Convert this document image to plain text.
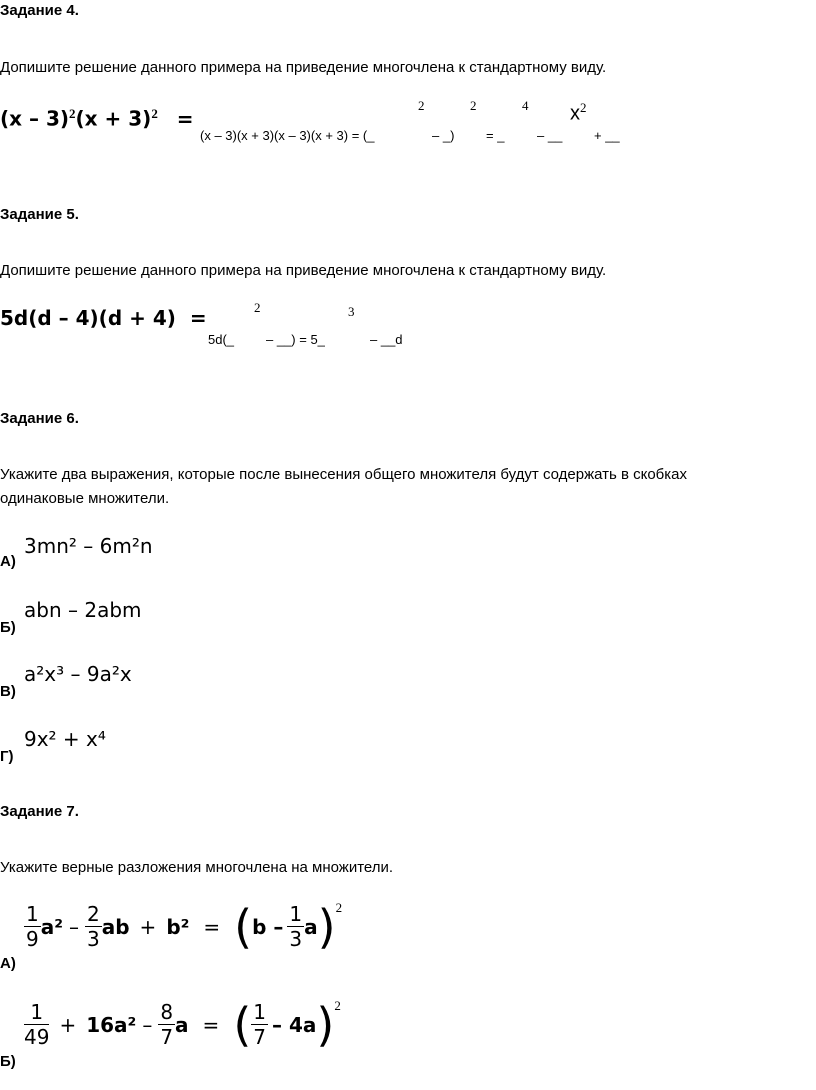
Задание 4.
Допишите решение данного примера на приведение многочлена к стандартному виду.
$(x - 3)^2(x + 3)^2$ =
2	2	4 $x^2$
(x – 3)(x + 3)(x – 3)(x + 3) = (_	– _) = _	– __ + __
Задание 5.
Допишите решение данного примера на приведение многочлена к стандартному виду.
5d(d – 4)(d + 4) =	2	3
5d(_ – __) = 5_	– __d
Задание 6.
Укажите два выражения, которые после вынесения общего множителя будут содержать в скобках
одинаковые множители.
А)
3mn² – 6m²n
Б)
abn – 2abm
В)
a²x³ – 9a²x
Г)
9x² + x⁴
Задание 7.
Укажите верные разложения многочлена на множители.
А)
$\frac{1}{9} a^2 - \frac{2}{3}$ ab + b² = ( b – $\frac{1}{3}$ a ) 2
Б)
$\frac{1}{49} + 16a^2 - \frac{8}{7}$ a = ( $\frac{1}{7} - 4a$ ) 2
